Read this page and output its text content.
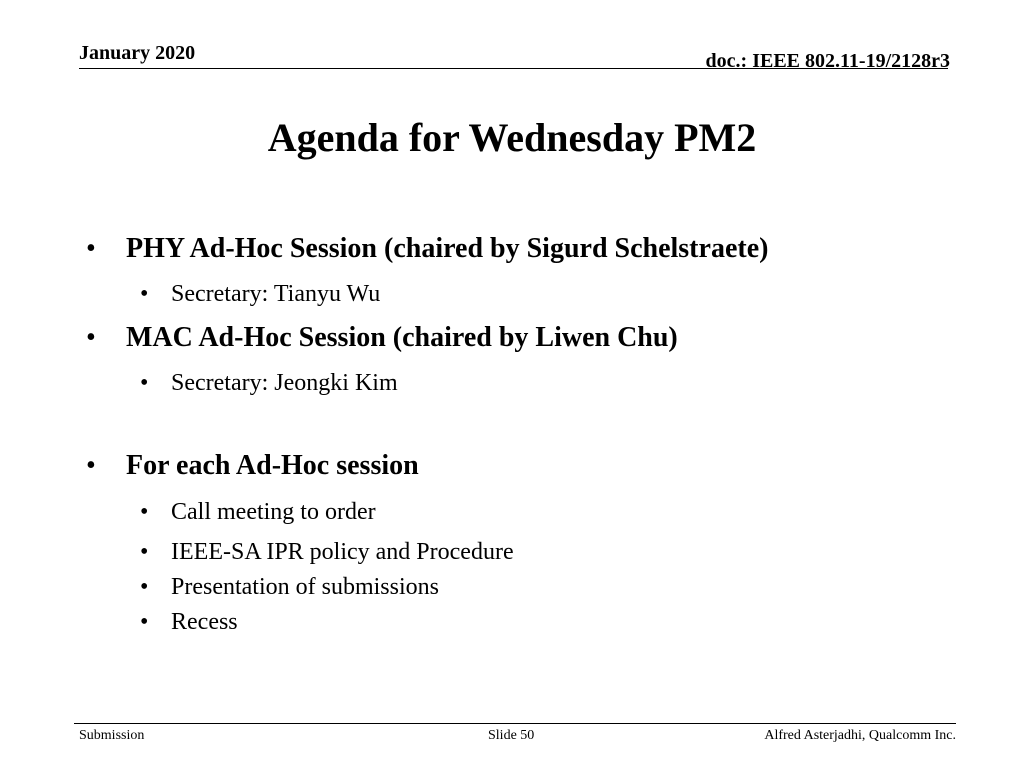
January 2020	doc.: IEEE 802.11-19/2128r3
Agenda for Wednesday PM2
• PHY Ad-Hoc Session (chaired by Sigurd Schelstraete)
• Secretary: Tianyu Wu
• MAC Ad-Hoc Session (chaired by Liwen Chu)
• Secretary: Jeongki Kim
• For each Ad-Hoc session
• Call meeting to order
• IEEE-SA IPR policy and Procedure
• Presentation of submissions
• Recess
Submission	Slide 50	Alfred Asterjadhi, Qualcomm Inc.
